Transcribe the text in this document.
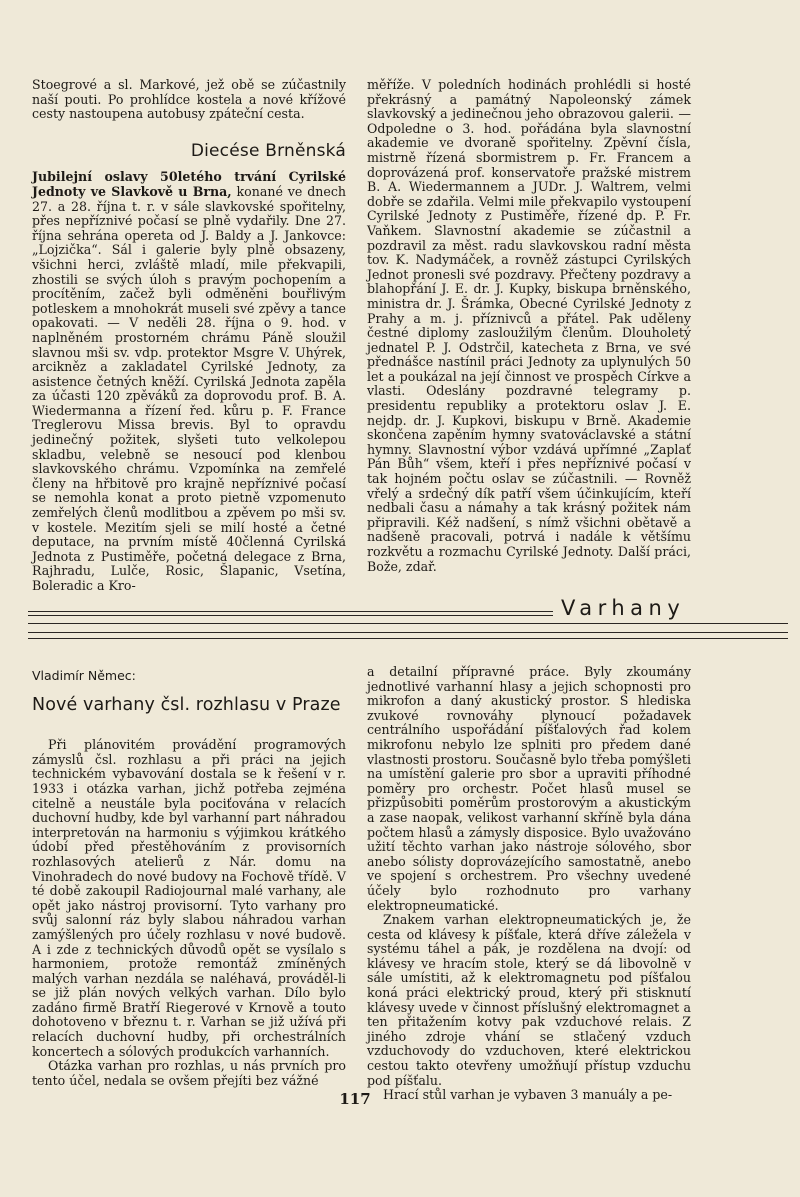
Stoegrové a sl. Markové, jež obě se zúčastnily naší pouti. Po prohlídce kostela a nové křížové cesty nastoupena autobusy zpáteční cesta.

Diecése Brněnská

Jubilejní oslavy 50letého trvání Cyrilské Jednoty ve Slavkově u Brna, konané ve dnech 27. a 28. října t. r. v sále slavkovské spořitelny, přes nepříznivé počasí se plně vydařily. Dne 27. října sehrána opereta od J. Baldy a J. Jankovce: „Lojzička“. Sál i galerie byly plně obsazeny, všichni herci, zvláště mladí, mile překvapili, zhostili se svých úloh s pravým pochopením a procítěním, začež byli odměněni bouřlivým potleskem a mnohokrát museli své zpěvy a tance opakovati. — V neděli 28. října o 9. hod. v naplněném prostorném chrámu Páně sloužil slavnou mši sv. vdp. protektor Msgre V. Uhýrek, arcikněz a zakladatel Cyrilské Jednoty, za asistence četných kněží. Cyrilská Jednota zapěla za účasti 120 zpěváků za doprovodu prof. B. A. Wiedermanna a řízení řed. kůru p. F. France Treglerovu Missa brevis. Byl to opravdu jedinečný požitek, slyšeti tuto velkolepou skladbu, velebně se nesoucí pod klenbou slavkovského chrámu. Vzpomínka na zemřelé členy na hřbitově pro krajně nepříznivé počasí se nemohla konat a proto pietně vzpomenuto zemřelých členů modlitbou a zpěvem po mši sv. v kostele. Mezitím sjeli se milí hosté a četné deputace, na prvním místě 40členná Cyrilská Jednota z Pustiměře, početná delegace z Brna, Rajhradu, Lulče, Rosic, Šlapanic, Vsetína, Boleradic a Kro-

měříže. V poledních hodinách prohlédli si hosté překrásný a památný Napoleonský zámek slavkovský a jedinečnou jeho obrazovou galerii. — Odpoledne o 3. hod. pořádána byla slavnostní akademie ve dvoraně spořitelny. Zpěvní čísla, mistrně řízená sbormistrem p. Fr. Francem a doprovázená prof. konservatoře pražské mistrem B. A. Wiedermannem a JUDr. J. Waltrem, velmi dobře se zdařila. Velmi mile překvapilo vystoupení Cyrilské Jednoty z Pustiměře, řízené dp. P. Fr. Vaňkem. Slavnostní akademie se zúčastnil a pozdravil za měst. radu slavkovskou radní města tov. K. Nadymáček, a rovněž zástupci Cyrilských Jednot pronesli své pozdravy. Přečteny pozdravy a blahopřání J. E. dr. J. Kupky, biskupa brněnského, ministra dr. J. Šrámka, Obecné Cyrilské Jednoty z Prahy a m. j. příznivců a přátel. Pak uděleny čestné diplomy zasloužilým členům. Dlouholetý jednatel P. J. Odstrčil, katecheta z Brna, ve své přednášce nastínil práci Jednoty za uplynulých 50 let a poukázal na její činnost ve prospěch Církve a vlasti. Odeslány pozdravné telegramy p. presidentu republiky a protektoru oslav J. E. nejdp. dr. J. Kupkovi, biskupu v Brně. Akademie skončena zapěním hymny svatováclavské a státní hymny. Slavnostní výbor vzdává upřímné „Zaplať Pán Bůh“ všem, kteří i přes nepříznivé počasí v tak hojném počtu oslav se zúčastnili. — Rovněž vřelý a srdečný dík patří všem účinkujícím, kteří nedbali času a námahy a tak krásný požitek nám připravili. Kéž nadšení, s nímž všichni obětavě a nadšeně pracovali, potrvá i nadále k většímu rozkvětu a rozmachu Cyrilské Jednoty. Další práci, Bože, zdař.

Varhany
Vladimír Němec:
Nové varhany čsl. rozhlasu v Praze

Při plánovitém provádění programových zámyslů čsl. rozhlasu a při práci na jejich technickém vybavování dostala se k řešení v r. 1933 i otázka varhan, jichž potřeba zejména citelně a neustále byla pociťována v relacích duchovní hudby, kde byl varhanní part náhradou interpretován na harmoniu s výjimkou krátkého údobí před přestěhováním z provisorních rozhlasových atelierů z Nár. domu na Vinohradech do nové budovy na Fochově třídě. V té době zakoupil Radiojournal malé varhany, ale opět jako nástroj provisorní. Tyto varhany pro svůj salonní ráz byly slabou náhradou varhan zamýšlených pro účely rozhlasu v nové budově. A i zde z technických důvodů opět se vysílalo s harmoniem, protože remontáž zmíněných malých varhan nezdála se naléhavá, prováděl-li se již plán nových velkých varhan. Dílo bylo zadáno firmě Bratří Riegerové v Krnově a touto dohotoveno v březnu t. r. Varhan se již užívá při relacích duchovní hudby, při orchestrálních koncertech a sólových produkcích varhanních.

Otázka varhan pro rozhlas, u nás prvních pro tento účel, nedala se ovšem přejíti bez vážné

a detailní přípravné práce. Byly zkoumány jednotlivé varhanní hlasy a jejich schopnosti pro mikrofon a daný akustický prostor. S hlediska zvukové rovnováhy plynoucí požadavek centrálního uspořádání píšťalových řad kolem mikrofonu nebylo lze splniti pro předem dané vlastnosti prostoru. Současně bylo třeba pomýšleti na umístění galerie pro sbor a upraviti příhodné poměry pro orchestr. Počet hlasů musel se přizpůsobiti poměrům prostorovým a akustickým a zase naopak, velikost varhanní skříně byla dána počtem hlasů a zámysly disposice. Bylo uvažováno užití těchto varhan jako nástroje sólového, sbor anebo sólisty doprovázejícího samostatně, anebo ve spojení s orchestrem. Pro všechny uvedené účely bylo rozhodnuto pro varhany elektropneumatické.

Znakem varhan elektropneumatických je, že cesta od klávesy k píšťale, která dříve záležela v systému táhel a pák, je rozdělena na dvojí: od klávesy ve hracím stole, který se dá libovolně v sále umístiti, až k elektromagnetu pod píšťalou koná práci elektrický proud, který při stisknutí klávesy uvede v činnost příslušný elektromagnet a ten přitažením kotvy pak vzduchové relais. Z jiného zdroje vhání se stlačený vzduch vzduchovody do vzduchoven, které elektrickou cestou takto otevřeny umožňují přístup vzduchu pod píšťalu.

Hrací stůl varhan je vybaven 3 manuály a pe-

117
